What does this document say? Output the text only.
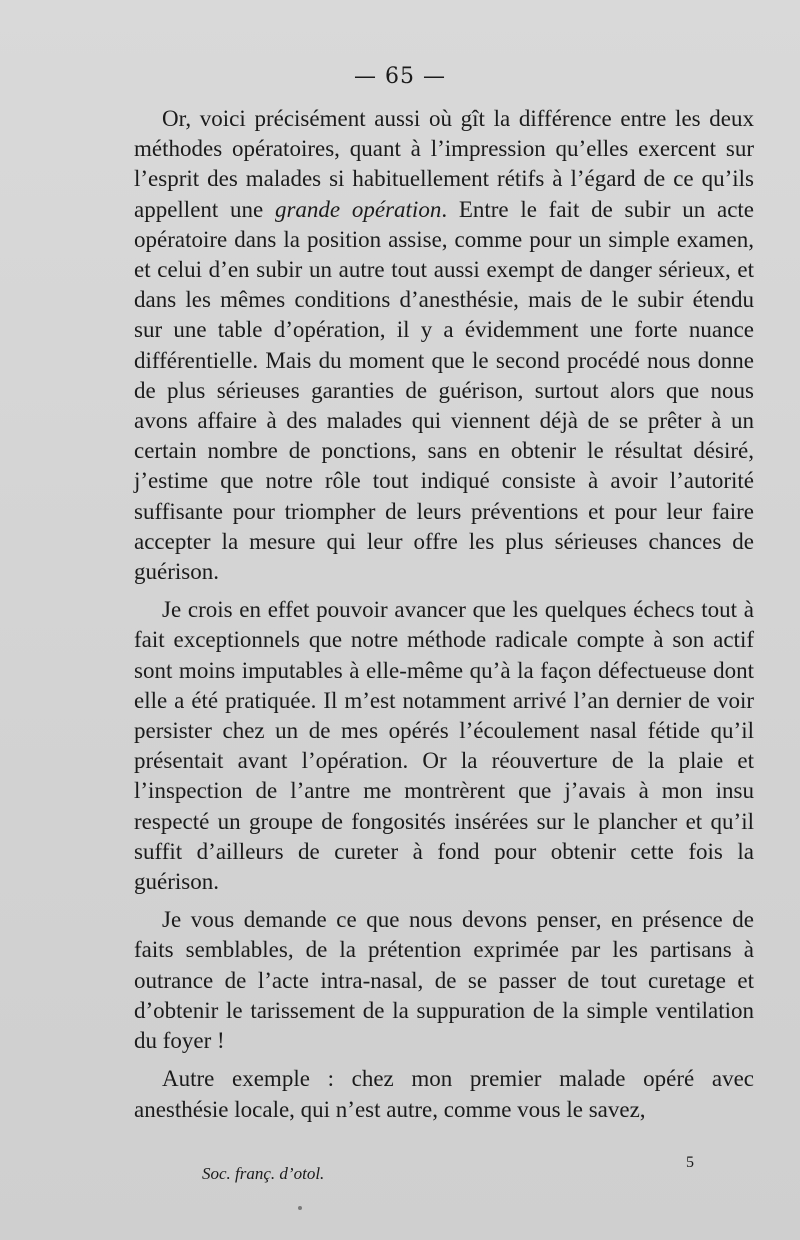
— 65 —

Or, voici précisément aussi où gît la différence entre les deux méthodes opératoires, quant à l’impression qu’elles exercent sur l’esprit des malades si habituellement rétifs à l’égard de ce qu’ils appellent une grande opération. Entre le fait de subir un acte opératoire dans la position assise, comme pour un simple examen, et celui d’en subir un autre tout aussi exempt de danger sérieux, et dans les mêmes conditions d’anesthésie, mais de le subir étendu sur une table d’opération, il y a évidemment une forte nuance différentielle. Mais du moment que le second procédé nous donne de plus sérieuses garanties de guérison, surtout alors que nous avons affaire à des malades qui viennent déjà de se prêter à un certain nombre de ponctions, sans en obtenir le résultat désiré, j’estime que notre rôle tout indiqué consiste à avoir l’autorité suffisante pour triompher de leurs préventions et pour leur faire accepter la mesure qui leur offre les plus sérieuses chances de guérison.

Je crois en effet pouvoir avancer que les quelques échecs tout à fait exceptionnels que notre méthode radicale compte à son actif sont moins imputables à elle-même qu’à la façon défectueuse dont elle a été pratiquée. Il m’est notamment arrivé l’an dernier de voir persister chez un de mes opérés l’écoulement nasal fétide qu’il présentait avant l’opération. Or la réouverture de la plaie et l’inspection de l’antre me montrèrent que j’avais à mon insu respecté un groupe de fongosités insérées sur le plancher et qu’il suffit d’ailleurs de cureter à fond pour obtenir cette fois la guérison.

Je vous demande ce que nous devons penser, en présence de faits semblables, de la prétention exprimée par les partisans à outrance de l’acte intra-nasal, de se passer de tout curetage et d’obtenir le tarissement de la suppuration de la simple ventilation du foyer !

Autre exemple : chez mon premier malade opéré avec anesthésie locale, qui n’est autre, comme vous le savez,

Soc. franç. d’otol.
5
